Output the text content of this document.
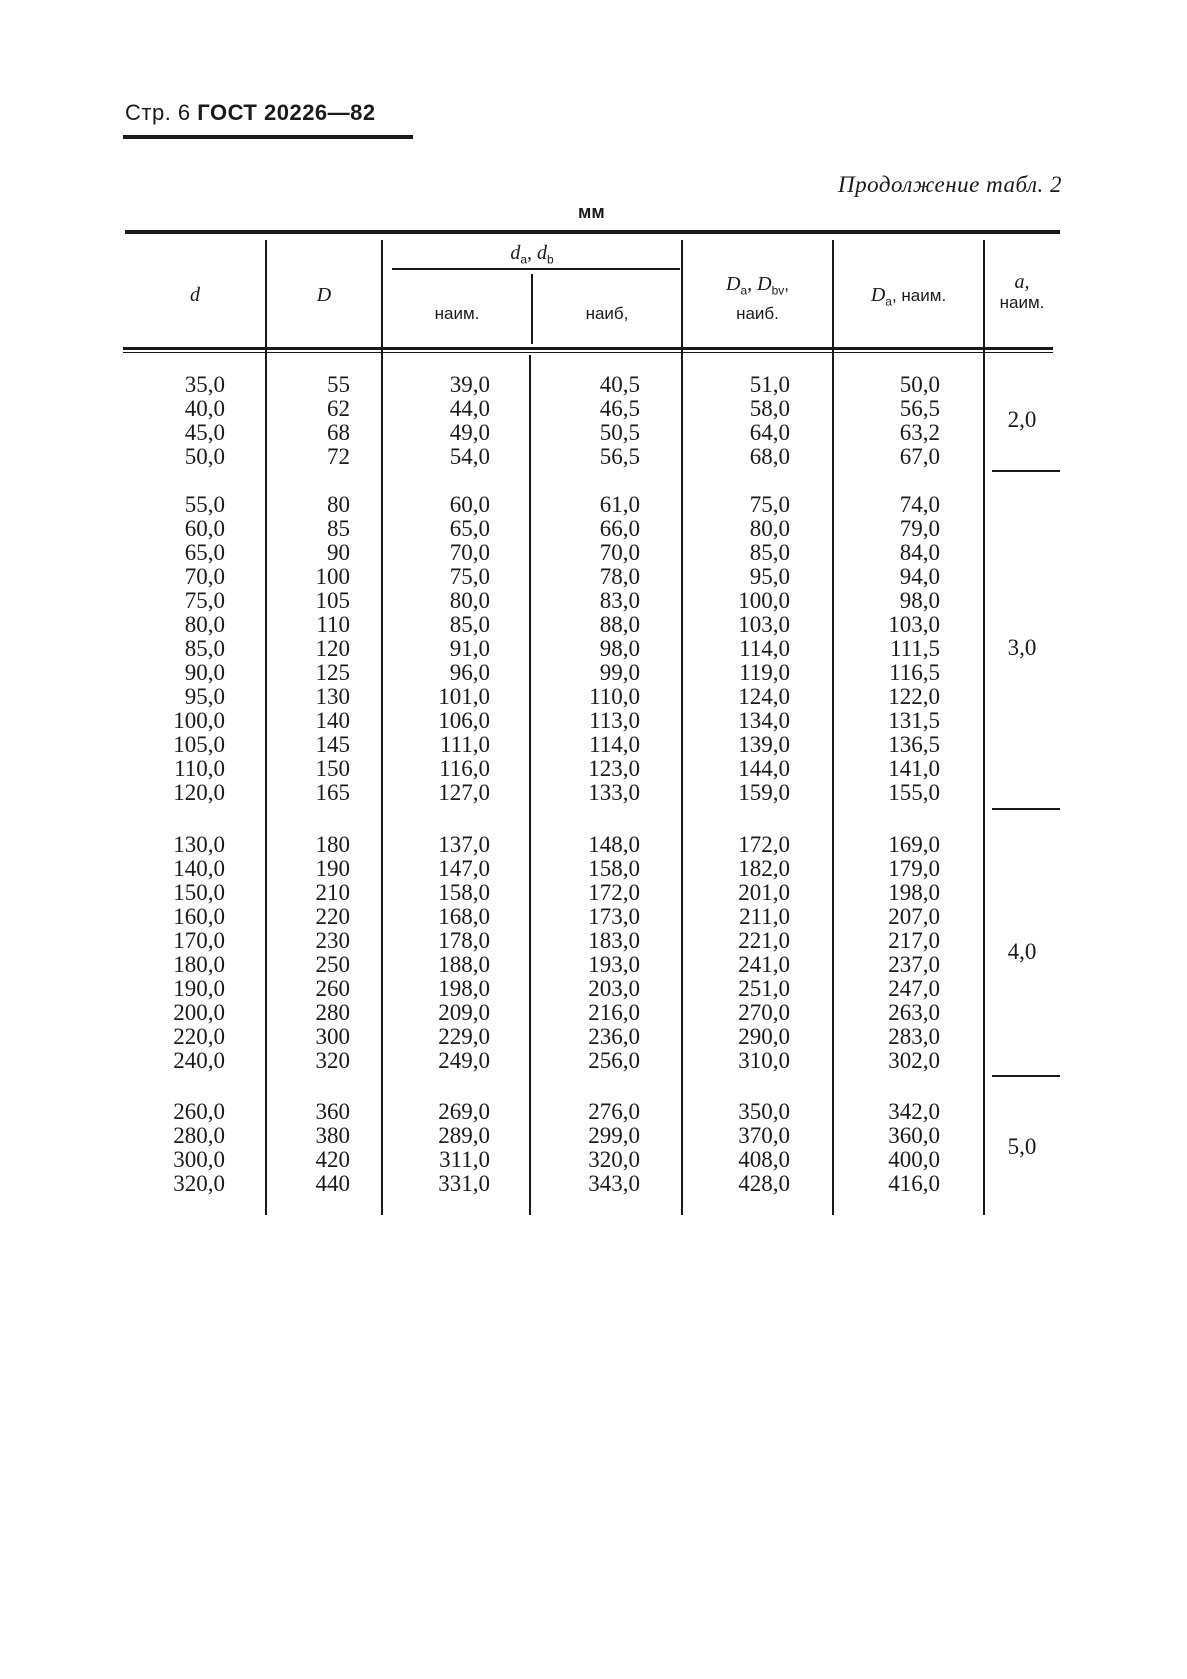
Стр. 6 ГОСТ 20226—82
Продолжение табл. 2
мм
d	D
$d_a$, $d_b$
наим.	наиб,
$D_a$, $D_{bv}$,
наиб.
$D_a$, наим.
a,
наим.
35,0
40,0
45,0
50,0
55
62
68
72
39,0
44,0
49,0
54,0
40,5
46,5
50,5
56,5
51,0
58,0
64,0
68,0
50,0
56,5
63,2
67,0
2,0
55,0
60,0
65,0
70,0
75,0
80,0
85,0
90,0
95,0
100,0
105,0
110,0
120,0
80
85
90
100
105
110
120
125
130
140
145
150
165
60,0
65,0
70,0
75,0
80,0
85,0
91,0
96,0
101,0
106,0
111,0
116,0
127,0
61,0
66,0
70,0
78,0
83,0
88,0
98,0
99,0
110,0
113,0
114,0
123,0
133,0
75,0
80,0
85,0
95,0
100,0
103,0
114,0
119,0
124,0
134,0
139,0
144,0
159,0
74,0
79,0
84,0
94,0
98,0
103,0
111,5
116,5
122,0
131,5
136,5
141,0
155,0
3,0
130,0
140,0
150,0
160,0
170,0
180,0
190,0
200,0
220,0
240,0
180
190
210
220
230
250
260
280
300
320
137,0
147,0
158,0
168,0
178,0
188,0
198,0
209,0
229,0
249,0
148,0
158,0
172,0
173,0
183,0
193,0
203,0
216,0
236,0
256,0
172,0
182,0
201,0
211,0
221,0
241,0
251,0
270,0
290,0
310,0
169,0
179,0
198,0
207,0
217,0
237,0
247,0
263,0
283,0
302,0
4,0
260,0
280,0
300,0
320,0
360
380
420
440
269,0
289,0
311,0
331,0
276,0
299,0
320,0
343,0
350,0
370,0
408,0
428,0
342,0
360,0
400,0
416,0
5,0
